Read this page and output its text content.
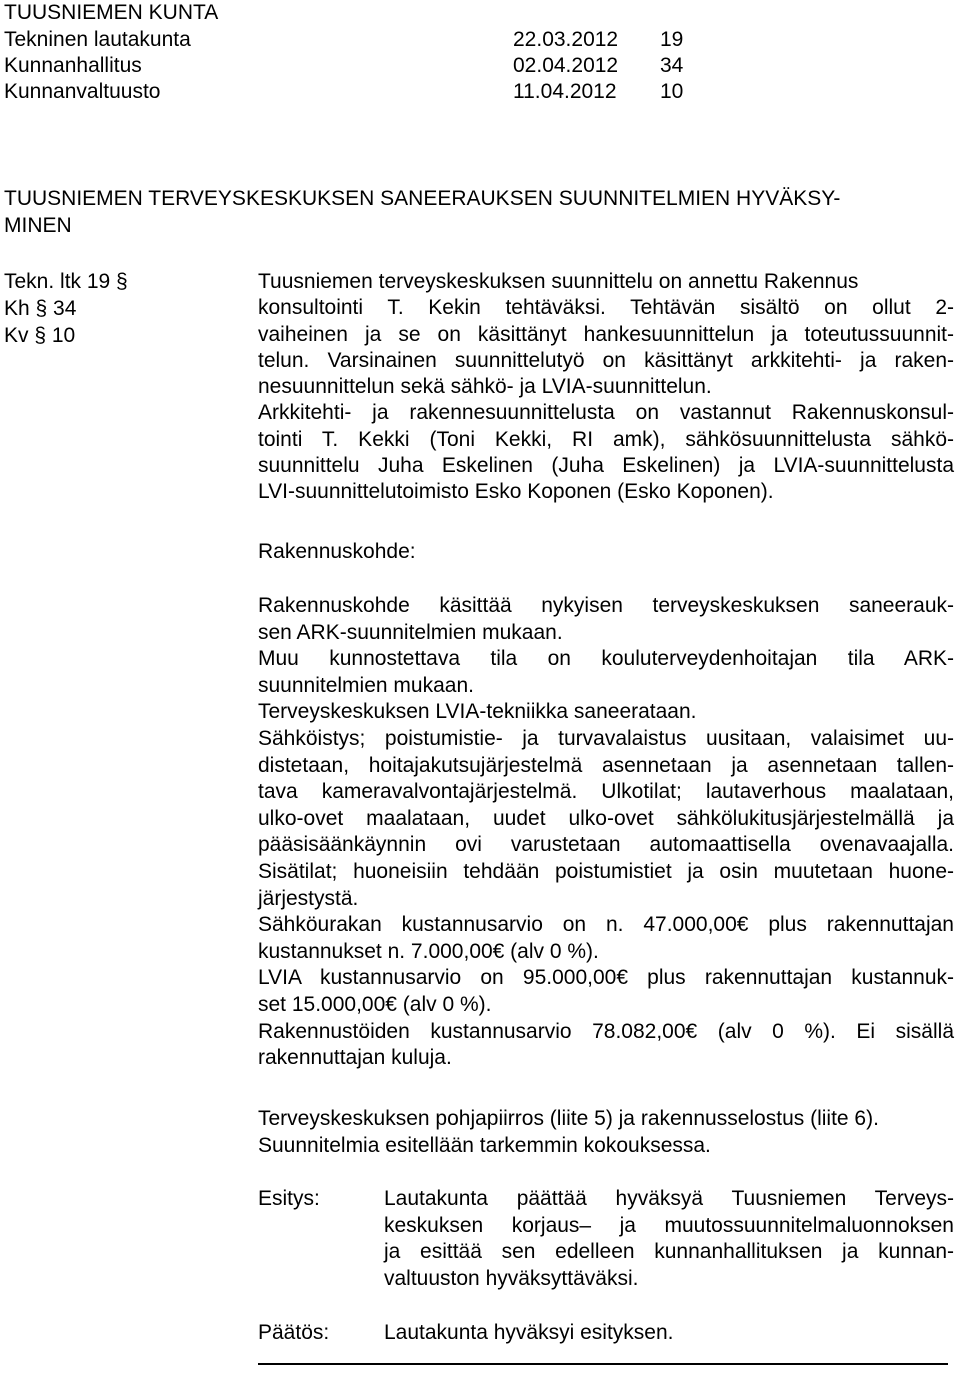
TUUSNIEMEN KUNTA
Tekninen lautakunta	22.03.2012 19
Kunnanhallitus	02.04.2012 34
Kunnanvaltuusto	11.04.2012 10
TUUSNIEMEN TERVEYSKESKUKSEN SANEERAUKSEN SUUNNITELMIEN HYVÄKSY-
MINEN
Tekn. ltk 19 §
Kh § 34
Kv § 10
Tuusniemen terveyskeskuksen suunnittelu on annettu Rakennus
konsultointi T. Kekin tehtäväksi. Tehtävän sisältö on ollut 2-
vaiheinen ja se on käsittänyt hankesuunnittelun ja toteutussuunnit-
telun. Varsinainen suunnittelutyö on käsittänyt arkkitehti- ja raken-
nesuunnittelun sekä sähkö- ja LVIA-suunnittelun.
Arkkitehti- ja rakennesuunnittelusta on vastannut Rakennuskonsul-
tointi T. Kekki (Toni Kekki, RI amk), sähkösuunnittelusta sähkö-
suunnittelu Juha Eskelinen (Juha Eskelinen) ja LVIA-suunnittelusta
LVI-suunnittelutoimisto Esko Koponen (Esko Koponen).
Rakennuskohde:
Rakennuskohde käsittää nykyisen terveyskeskuksen saneerauk-
sen ARK-suunnitelmien mukaan.
Muu kunnostettava tila on kouluterveydenhoitajan tila ARK-
suunnitelmien mukaan.
Terveyskeskuksen LVIA-tekniikka saneerataan.
Sähköistys; poistumistie- ja turvavalaistus uusitaan, valaisimet uu-
distetaan, hoitajakutsujärjestelmä asennetaan ja asennetaan tallen-
tava kameravalvontajärjestelmä. Ulkotilat; lautaverhous maalataan,
ulko-ovet maalataan, uudet ulko-ovet sähkölukitusjärjestelmällä ja
pääsisäänkäynnin ovi varustetaan automaattisella ovenavaajalla.
Sisätilat; huoneisiin tehdään poistumistiet ja osin muutetaan huone-
järjestystä.
Sähköurakan kustannusarvio on n. 47.000,00€ plus rakennuttajan
kustannukset n. 7.000,00€ (alv 0 %).
LVIA kustannusarvio on 95.000,00€ plus rakennuttajan kustannuk-
set 15.000,00€ (alv 0 %).
Rakennustöiden kustannusarvio 78.082,00€ (alv 0 %). Ei sisällä
rakennuttajan kuluja.
Terveyskeskuksen pohjapiirros (liite 5) ja rakennusselostus (liite 6).
Suunnitelmia esitellään tarkemmin kokouksessa.
Esitys:	Lautakunta päättää hyväksyä Tuusniemen Terveys-
keskuksen korjaus– ja muutossuunnitelmaluonnoksen
ja esittää sen edelleen kunnanhallituksen ja kunnan-
valtuuston hyväksyttäväksi.
Päätös:	Lautakunta hyväksyi esityksen.
